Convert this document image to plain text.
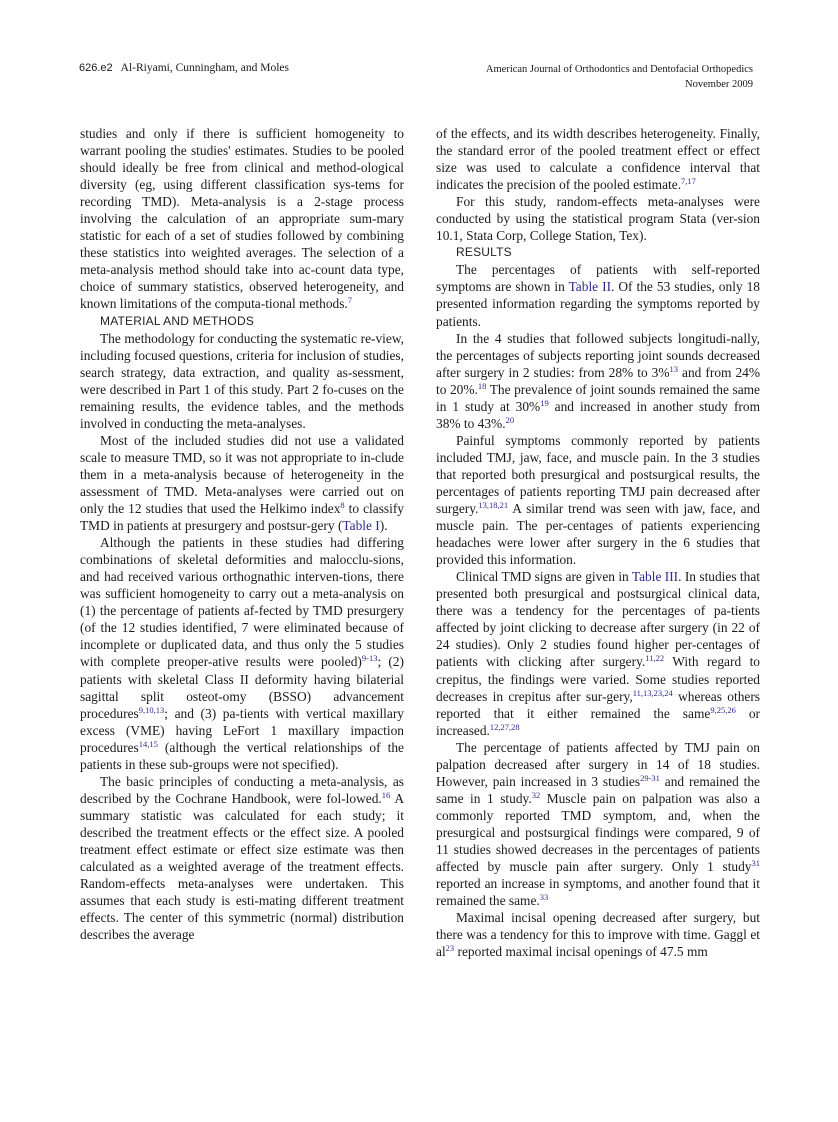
626.e2 Al-Riyami, Cunningham, and Moles	American Journal of Orthodontics and Dentofacial Orthopedics
November 2009

studies and only if there is sufficient homogeneity to warrant pooling the studies' estimates. Studies to be pooled should ideally be free from clinical and method-ological diversity (eg, using different classification sys-tems for recording TMD). Meta-analysis is a 2-stage process involving the calculation of an appropriate sum-mary statistic for each of a set of studies followed by combining these statistics into weighted averages. The selection of a meta-analysis method should take into ac-count data type, choice of summary statistics, observed heterogeneity, and known limitations of the computa-tional methods.$^7$

MATERIAL AND METHODS

The methodology for conducting the systematic re-view, including focused questions, criteria for inclusion of studies, search strategy, data extraction, and quality as-sessment, were described in Part 1 of this study. Part 2 fo-cuses on the remaining results, the evidence tables, and the methods involved in conducting the meta-analyses.

Most of the included studies did not use a validated scale to measure TMD, so it was not appropriate to in-clude them in a meta-analysis because of heterogeneity in the assessment of TMD. Meta-analyses were carried out on only the 12 studies that used the Helkimo index$^8$ to classify TMD in patients at presurgery and postsur-gery (Table I).

Although the patients in these studies had differing combinations of skeletal deformities and malocclu-sions, and had received various orthognathic interven-tions, there was sufficient homogeneity to carry out a meta-analysis on (1) the percentage of patients af-fected by TMD presurgery (of the 12 studies identified, 7 were eliminated because of incomplete or duplicated data, and thus only the 5 studies with complete preoper-ative results were pooled)$^{9-13}$; (2) patients with skeletal Class II deformity having bilaterial sagittal split osteot-omy (BSSO) advancement procedures$^{9,10,13}$; and (3) pa-tients with vertical maxillary excess (VME) having LeFort 1 maxillary impaction procedures$^{14,15}$ (although the vertical relationships of the patients in these sub-groups were not specified).

The basic principles of conducting a meta-analysis, as described by the Cochrane Handbook, were fol-lowed.$^{16}$ A summary statistic was calculated for each study; it described the treatment effects or the effect size. A pooled treatment effect estimate or effect size estimate was then calculated as a weighted average of the treatment effects. Random-effects meta-analyses were undertaken. This assumes that each study is esti-mating different treatment effects. The center of this symmetric (normal) distribution describes the average

of the effects, and its width describes heterogeneity. Finally, the standard error of the pooled treatment effect or effect size was used to calculate a confidence interval that indicates the precision of the pooled estimate.$^{7,17}$

For this study, random-effects meta-analyses were conducted by using the statistical program Stata (ver-sion 10.1, Stata Corp, College Station, Tex).

RESULTS

The percentages of patients with self-reported symptoms are shown in Table II. Of the 53 studies, only 18 presented information regarding the symptoms reported by patients.

In the 4 studies that followed subjects longitudi-nally, the percentages of subjects reporting joint sounds decreased after surgery in 2 studies: from 28% to 3%$^{13}$ and from 24% to 20%.$^{18}$ The prevalence of joint sounds remained the same in 1 study at 30%$^{19}$ and increased in another study from 38% to 43%.$^{20}$

Painful symptoms commonly reported by patients included TMJ, jaw, face, and muscle pain. In the 3 studies that reported both presurgical and postsurgical results, the percentages of patients reporting TMJ pain decreased after surgery.$^{13,18,21}$ A similar trend was seen with jaw, face, and muscle pain. The per-centages of patients experiencing headaches were lower after surgery in the 6 studies that provided this information.

Clinical TMD signs are given in Table III. In studies that presented both presurgical and postsurgical clinical data, there was a tendency for the percentages of pa-tients affected by joint clicking to decrease after surgery (in 22 of 24 studies). Only 2 studies found higher per-centages of patients with clicking after surgery.$^{11,22}$ With regard to crepitus, the findings were varied. Some studies reported decreases in crepitus after sur-gery,$^{11,13,23,24}$ whereas others reported that it either remained the same$^{9,25,26}$ or increased.$^{12,27,28}$

The percentage of patients affected by TMJ pain on palpation decreased after surgery in 14 of 18 studies. However, pain increased in 3 studies$^{29-31}$ and remained the same in 1 study.$^{32}$ Muscle pain on palpation was also a commonly reported TMD symptom, and, when the presurgical and postsurgical findings were compared, 9 of 11 studies showed decreases in the percentages of patients affected by muscle pain after surgery. Only 1 study$^{31}$ reported an increase in symptoms, and another found that it remained the same.$^{33}$

Maximal incisal opening decreased after surgery, but there was a tendency for this to improve with time. Gaggl et $al^{23}$ reported maximal incisal openings of 47.5 mm
